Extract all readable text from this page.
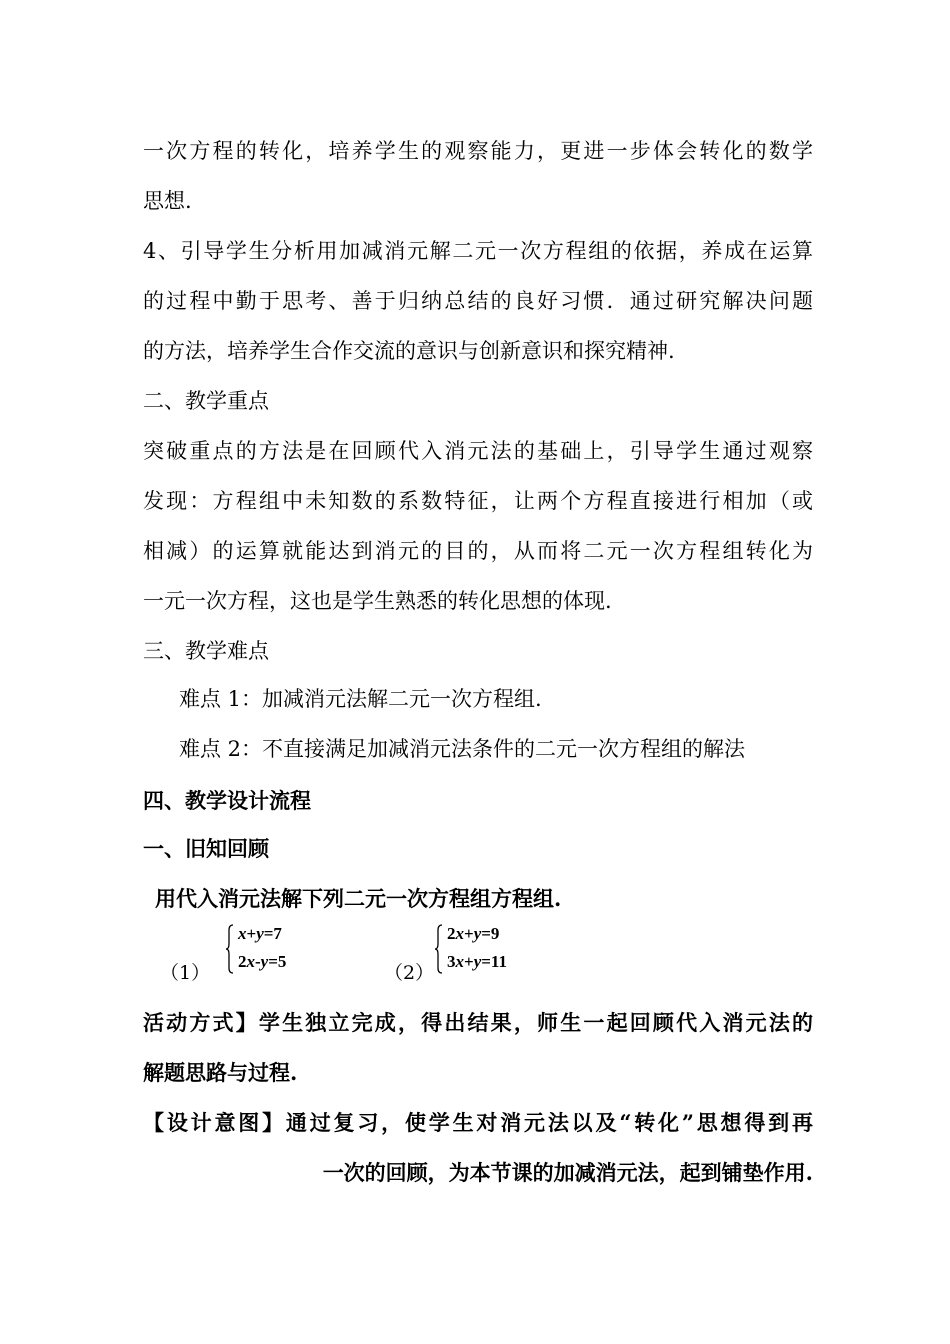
一次方程的转化，培养学生的观察能力，更进一步体会转化的数学
思想.
4、引导学生分析用加减消元解二元一次方程组的依据，养成在运算
的过程中勤于思考、善于归纳总结的良好习惯．通过研究解决问题
的方法，培养学生合作交流的意识与创新意识和探究精神.
二、教学重点
突破重点的方法是在回顾代入消元法的基础上，引导学生通过观察
发现：方程组中未知数的系数特征，让两个方程直接进行相加（或
相减）的运算就能达到消元的目的，从而将二元一次方程组转化为
一元一次方程，这也是学生熟悉的转化思想的体现.
三、教学难点
难点 1：加减消元法解二元一次方程组.
难点 2：不直接满足加减消元法条件的二元一次方程组的解法
四、教学设计流程
一、旧知回顾
用代入消元法解下列二元一次方程组方程组.
（1）
x+y=7
2x-y=5
（2）
2x+y=9
3x+y=11
活动方式】学生独立完成，得出结果，师生一起回顾代入消元法的
解题思路与过程.
【设计意图】通过复习，使学生对消元法以及“转化”思想得到再
一次的回顾，为本节课的加减消元法，起到铺垫作用.
